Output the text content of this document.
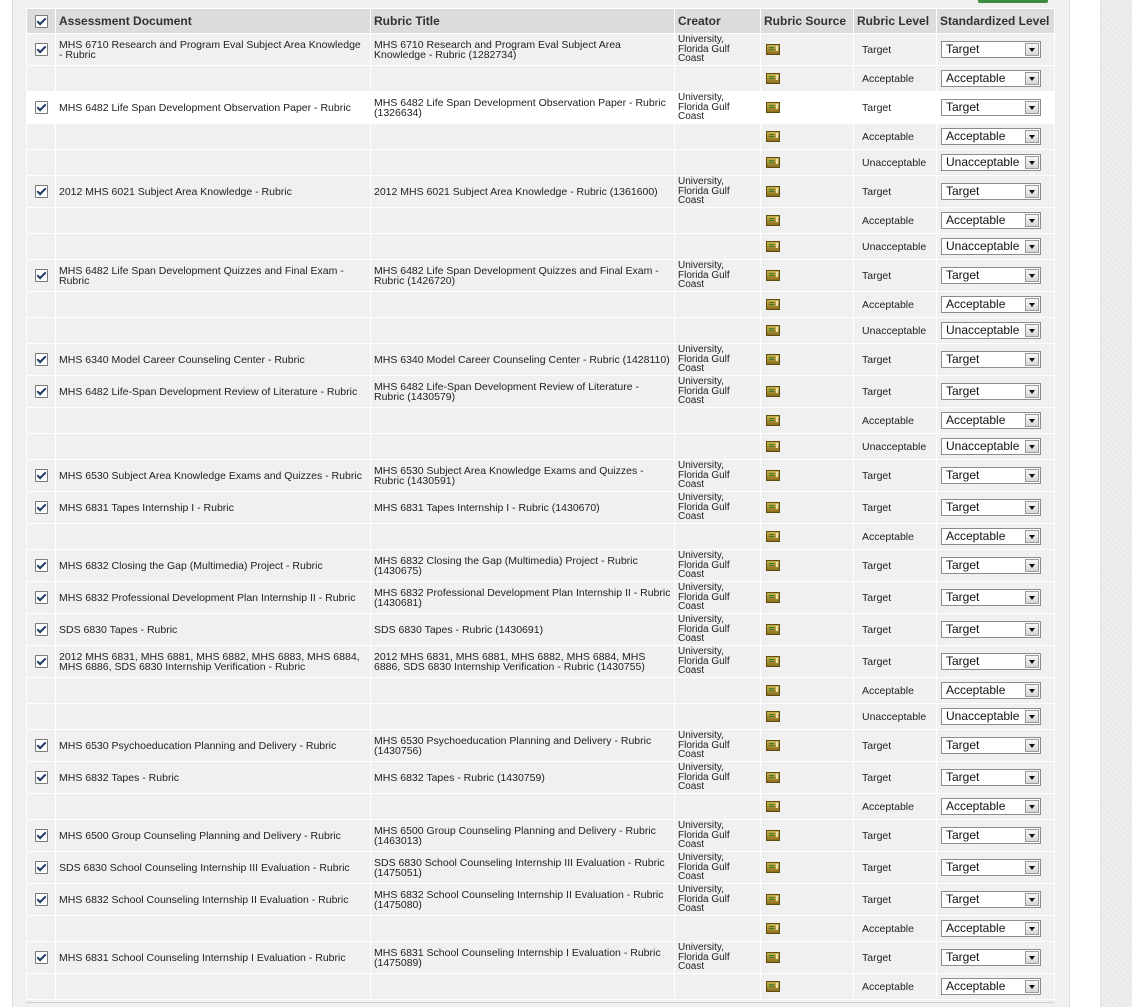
	Assessment Document	Rubric Title	Creator	Rubric Source	Rubric Level	Standardized Level
	MHS 6710 Research and Program Eval Subject Area Knowledge - Rubric	MHS 6710 Research and Program Eval Subject Area Knowledge - Rubric (1282734)	University, Florida Gulf Coast		Target	Target

					Acceptable	Acceptable

	MHS 6482 Life Span Development Observation Paper - Rubric	MHS 6482 Life Span Development Observation Paper - Rubric (1326634)	University, Florida Gulf Coast		Target	Target

					Acceptable	Acceptable

					Unacceptable	Unacceptable

	2012 MHS 6021 Subject Area Knowledge - Rubric	2012 MHS 6021 Subject Area Knowledge - Rubric (1361600)	University, Florida Gulf Coast		Target	Target

					Acceptable	Acceptable

					Unacceptable	Unacceptable

	MHS 6482 Life Span Development Quizzes and Final Exam - Rubric	MHS 6482 Life Span Development Quizzes and Final Exam - Rubric (1426720)	University, Florida Gulf Coast		Target	Target

					Acceptable	Acceptable

					Unacceptable	Unacceptable

	MHS 6340 Model Career Counseling Center - Rubric	MHS 6340 Model Career Counseling Center - Rubric (1428110)	University, Florida Gulf Coast		Target	Target

	MHS 6482 Life-Span Development Review of Literature - Rubric	MHS 6482 Life-Span Development Review of Literature - Rubric (1430579)	University, Florida Gulf Coast		Target	Target

					Acceptable	Acceptable

					Unacceptable	Unacceptable

	MHS 6530 Subject Area Knowledge Exams and Quizzes - Rubric	MHS 6530 Subject Area Knowledge Exams and Quizzes - Rubric (1430591)	University, Florida Gulf Coast		Target	Target

	MHS 6831 Tapes Internship I - Rubric	MHS 6831 Tapes Internship I - Rubric (1430670)	University, Florida Gulf Coast		Target	Target

					Acceptable	Acceptable

	MHS 6832 Closing the Gap (Multimedia) Project - Rubric	MHS 6832 Closing the Gap (Multimedia) Project - Rubric (1430675)	University, Florida Gulf Coast		Target	Target

	MHS 6832 Professional Development Plan Internship II - Rubric	MHS 6832 Professional Development Plan Internship II - Rubric (1430681)	University, Florida Gulf Coast		Target	Target

	SDS 6830 Tapes - Rubric	SDS 6830 Tapes - Rubric (1430691)	University, Florida Gulf Coast		Target	Target

	2012 MHS 6831, MHS 6881, MHS 6882, MHS 6883, MHS 6884, MHS 6886, SDS 6830 Internship Verification - Rubric	2012 MHS 6831, MHS 6881, MHS 6882, MHS 6884, MHS 6886, SDS 6830 Internship Verification - Rubric (1430755)	University, Florida Gulf Coast		Target	Target

					Acceptable	Acceptable

					Unacceptable	Unacceptable

	MHS 6530 Psychoeducation Planning and Delivery - Rubric	MHS 6530 Psychoeducation Planning and Delivery - Rubric (1430756)	University, Florida Gulf Coast		Target	Target

	MHS 6832 Tapes - Rubric	MHS 6832 Tapes - Rubric (1430759)	University, Florida Gulf Coast		Target	Target

					Acceptable	Acceptable

	MHS 6500 Group Counseling Planning and Delivery - Rubric	MHS 6500 Group Counseling Planning and Delivery - Rubric (1463013)	University, Florida Gulf Coast		Target	Target

	SDS 6830 School Counseling Internship III Evaluation - Rubric	SDS 6830 School Counseling Internship III Evaluation - Rubric (1475051)	University, Florida Gulf Coast		Target	Target

	MHS 6832 School Counseling Internship II Evaluation - Rubric	MHS 6832 School Counseling Internship II Evaluation - Rubric (1475080)	University, Florida Gulf Coast		Target	Target

					Acceptable	Acceptable

	MHS 6831 School Counseling Internship I Evaluation - Rubric	MHS 6831 School Counseling Internship I Evaluation - Rubric (1475089)	University, Florida Gulf Coast		Target	Target

					Acceptable	Acceptable
